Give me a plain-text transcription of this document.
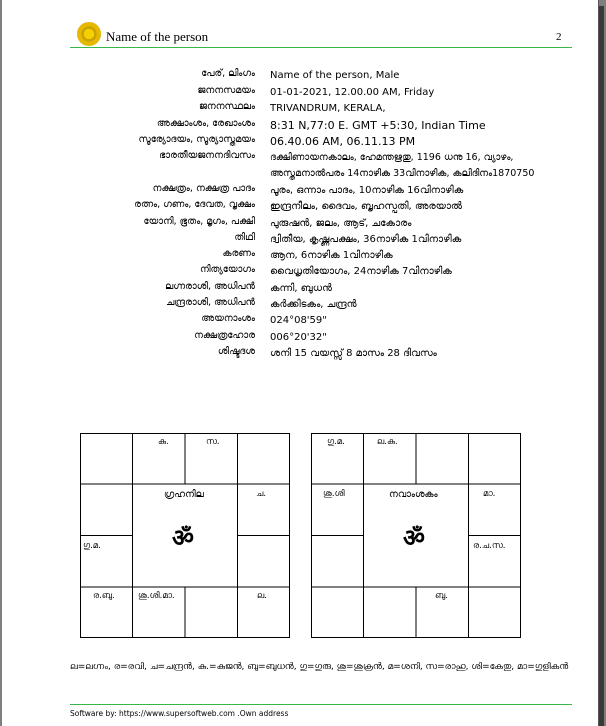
Name of the person	2
പേര്, ലിംഗം Name of the person, Male
ജനനസമയം 01-01-2021, 12.00.00 AM, Friday
ജനനസ്ഥലം TRIVANDRUM, KERALA,
അക്ഷാംശം, രേഖാംശം 8:31 N,77:0 E. GMT +5:30, Indian Time
സൂര്യോദയം, സൂര്യാസ്തമയം 06.40.06 AM, 06.11.13 PM
ഭാരതീയജനനദിവസം ദക്ഷിണായനകാലം, ഹേമന്തഋതു, 1196 ധനു 16, വ്യാഴം, അസ്തമനാൽപരം 14നാഴിക 33വിനാഴിക, കലിദിനം1870750
നക്ഷത്രം, നക്ഷത്ര പാദം പൂരം, ഒന്നാം പാദം, 10നാഴിക 16വിനാഴിക
രത്നം, ഗണം, ദേവത, വൃക്ഷം ഇന്ദ്രനീലം, ദൈവം, ബൃഹസ്പതി, അരയാൽ
യോനി, ഭൂതം, മൃഗം, പക്ഷി പുരുഷൻ, ജലം, ആട്, ചകോരം
തിഥി ദ്വിതീയ, കൃഷ്ണപക്ഷം, 36നാഴിക 1വിനാഴിക
കരണം ആന, 6നാഴിക 1വിനാഴിക
നിത്യയോഗം വൈധൃതിയോഗം, 24നാഴിക 7വിനാഴിക
ലഗ്നരാശി, അധിപൻ കന്നി, ബുധൻ
ചന്ദ്രരാശി, അധിപൻ കർക്കിടകം, ചന്ദ്രൻ
അയനാംശം 024°08'59"
നക്ഷത്രഹോര 006°20'32"
ശിഷ്ടദശ ശനി 15 വയസ്സ് 8 മാസം 28 ദിവസം
കു.	സ.
ഗ്രഹനില	ച.
ॐ
ഗു.മ.
ര.ബു.	ശു.ശി.മാ.	ല.
ഗു.മ.	ല.കു.
ശു.ശി	നവാംശകം	മാ.
ॐ	ര.ച.സ.
ബു.
ല=ലഗ്നം, ര=രവി, ച=ചന്ദ്രൻ, കു.=കുജൻ, ബു=ബുധൻ, ഗു=ഗുരു, ശു=ശുക്രൻ, മ=ശനി, സ=രാഹു, ശി=കേതു, മാ=ഗുളികൻ
Software by: https://www.supersoftweb.com .Own address
